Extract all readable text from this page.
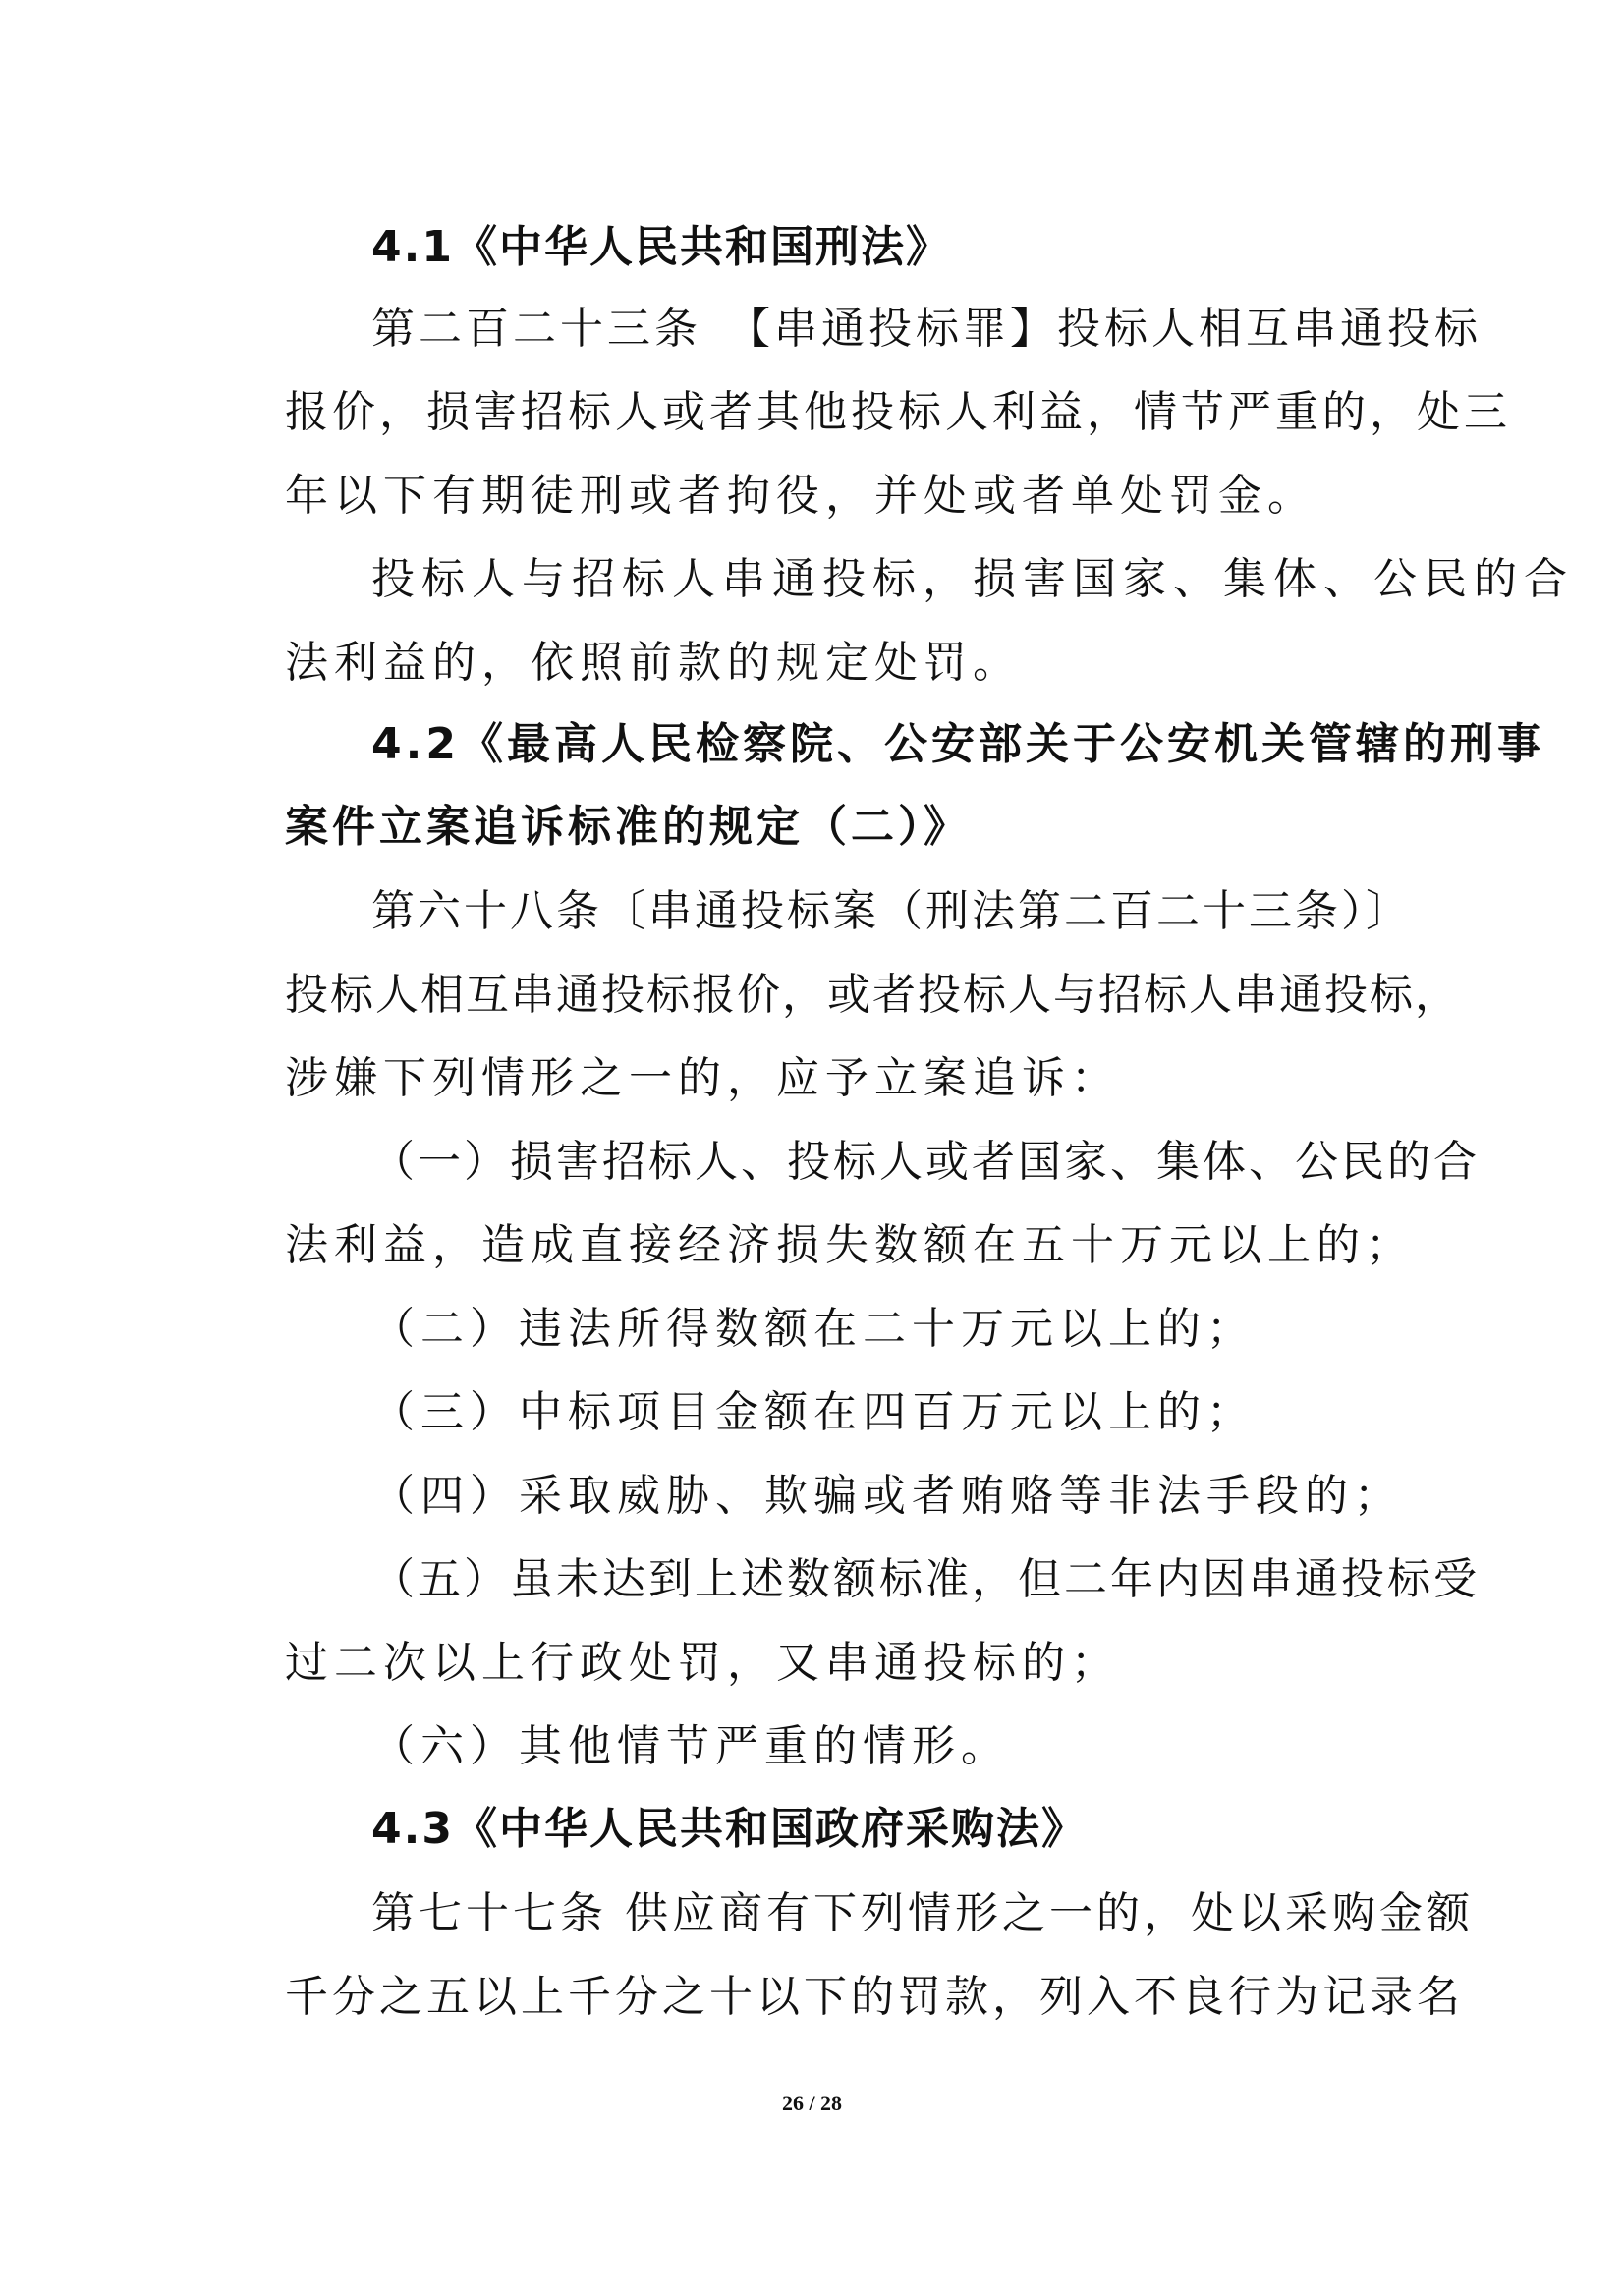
4.1《中华人民共和国刑法》
第二百二十三条　【串通投标罪】投标人相互串通投标
报价，损害招标人或者其他投标人利益，情节严重的，处三
年以下有期徒刑或者拘役，并处或者单处罚金。
投标人与招标人串通投标，损害国家、集体、公民的合
法利益的，依照前款的规定处罚。
4.2《最高人民检察院、公安部关于公安机关管辖的刑事
案件立案追诉标准的规定（二）》
第六十八条〔串通投标案（刑法第二百二十三条）〕
投标人相互串通投标报价，或者投标人与招标人串通投标，
涉嫌下列情形之一的，应予立案追诉：
（一）损害招标人、投标人或者国家、集体、公民的合
法利益，造成直接经济损失数额在五十万元以上的；
（二）违法所得数额在二十万元以上的；
（三）中标项目金额在四百万元以上的；
（四）采取威胁、欺骗或者贿赂等非法手段的；
（五）虽未达到上述数额标准，但二年内因串通投标受
过二次以上行政处罚，又串通投标的；
（六）其他情节严重的情形。
4.3《中华人民共和国政府采购法》
第七十七条 供应商有下列情形之一的，处以采购金额
千分之五以上千分之十以下的罚款，列入不良行为记录名
26 / 28
